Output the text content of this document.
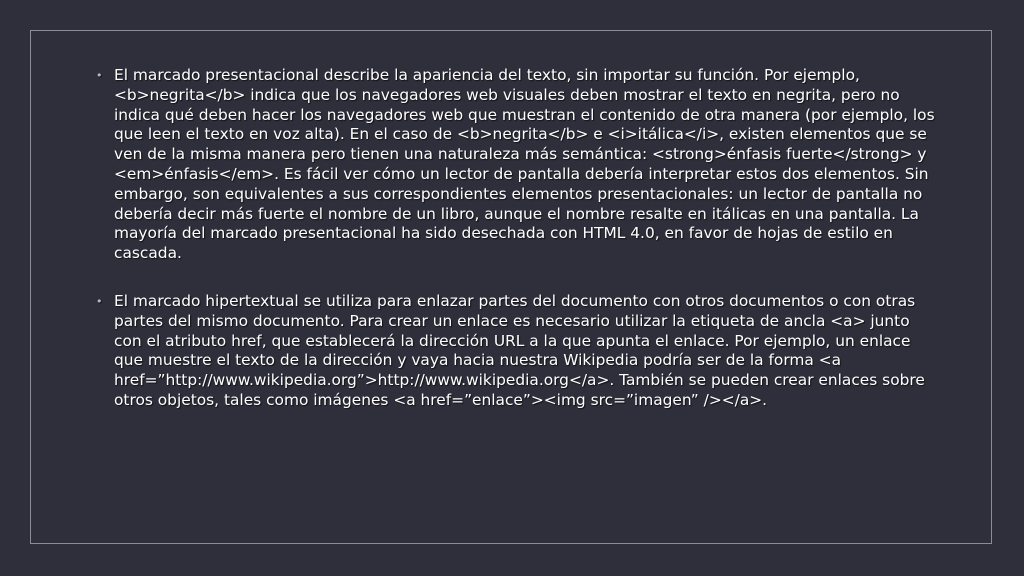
• El marcado presentacional describe la apariencia del texto, sin importar su función. Por ejemplo, <b>negrita</b> indica que los navegadores web visuales deben mostrar el texto en negrita, pero no indica qué deben hacer los navegadores web que muestran el contenido de otra manera (por ejemplo, los que leen el texto en voz alta). En el caso de <b>negrita</b> e <i>itálica</i>, existen elementos que se ven de la misma manera pero tienen una naturaleza más semántica: <strong>énfasis fuerte</strong> y <em>énfasis</em>. Es fácil ver cómo un lector de pantalla debería interpretar estos dos elementos. Sin embargo, son equivalentes a sus correspondientes elementos presentacionales: un lector de pantalla no debería decir más fuerte el nombre de un libro, aunque el nombre resalte en itálicas en una pantalla. La mayoría del marcado presentacional ha sido desechada con HTML 4.0, en favor de hojas de estilo en cascada.
• El marcado hipertextual se utiliza para enlazar partes del documento con otros documentos o con otras partes del mismo documento. Para crear un enlace es necesario utilizar la etiqueta de ancla <a> junto con el atributo href, que establecerá la dirección URL a la que apunta el enlace. Por ejemplo, un enlace que muestre el texto de la dirección y vaya hacia nuestra Wikipedia podría ser de la forma <a href=”http://www.wikipedia.org”>http://www.wikipedia.org</a>. También se pueden crear enlaces sobre otros objetos, tales como imágenes <a href=”enlace”><img src=”imagen” /></a>.
